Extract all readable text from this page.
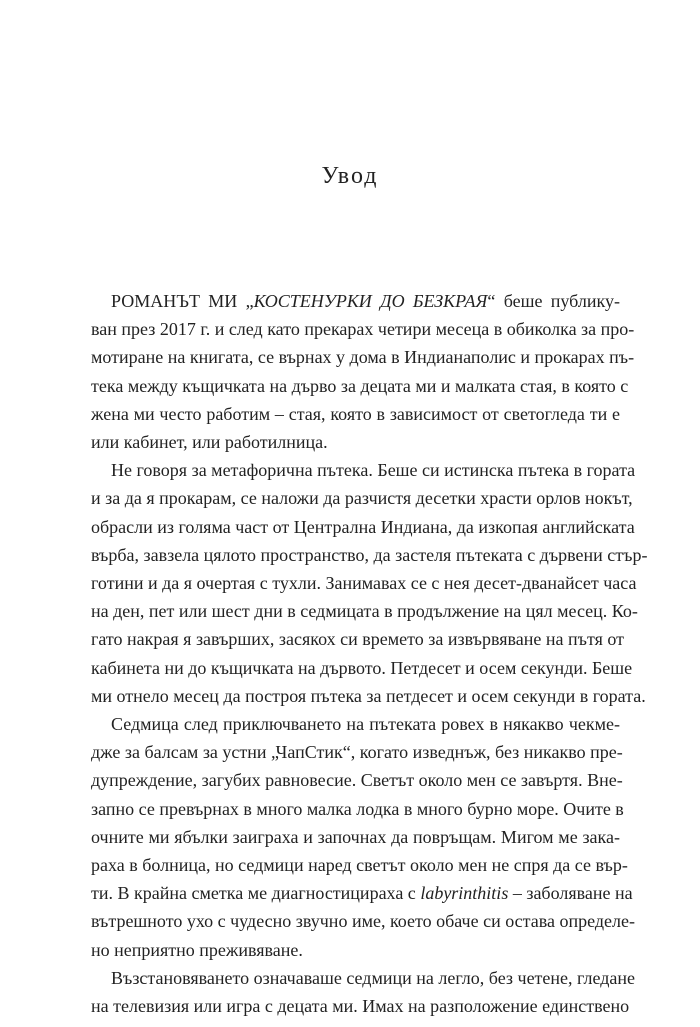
Увод

РОМАНЪТ МИ „КОСТЕНУРКИ ДО БЕЗКРАЯ“ беше публику-
ван през 2017 г. и след като прекарах четири месеца в обиколка за про-
мотиране на книгата, се върнах у дома в Индианаполис и прокарах пъ-
тека между къщичката на дърво за децата ми и малката стая, в която с
жена ми често работим – стая, която в зависимост от светогледа ти е
или кабинет, или работилница.

Не говоря за метафорична пътека. Беше си истинска пътека в гората
и за да я прокарам, се наложи да разчистя десетки храсти орлов нокът,
обрасли из голяма част от Централна Индиана, да изкопая английската
върба, завзела цялото пространство, да застеля пътеката с дървени стър-
готини и да я очертая с тухли. Занимавах се с нея десет-дванайсет часа
на ден, пет или шест дни в седмицата в продължение на цял месец. Ко-
гато накрая я завърших, засякох си времето за извървяване на пътя от
кабинета ни до къщичката на дървото. Петдесет и осем секунди. Беше
ми отнело месец да построя пътека за петдесет и осем секунди в гората.

Седмица след приключването на пътеката ровех в някакво чекме-
дже за балсам за устни „ЧапСтик“, когато изведнъж, без никакво пре-
дупреждение, загубих равновесие. Светът около мен се завъртя. Вне-
запно се превърнах в много малка лодка в много бурно море. Очите в
очните ми ябълки заиграха и започнах да повръщам. Мигом ме зака-
раха в болница, но седмици наред светът около мен не спря да се вър-
ти. В крайна сметка ме диагностицираха с labyrinthitis – заболяване на
вътрешното ухо с чудесно звучно име, което обаче си остава определе-
но неприятно преживяване.

Възстановяването означаваше седмици на легло, без четене, гледане
на телевизия или игра с децата ми. Имах на разположение единствено
